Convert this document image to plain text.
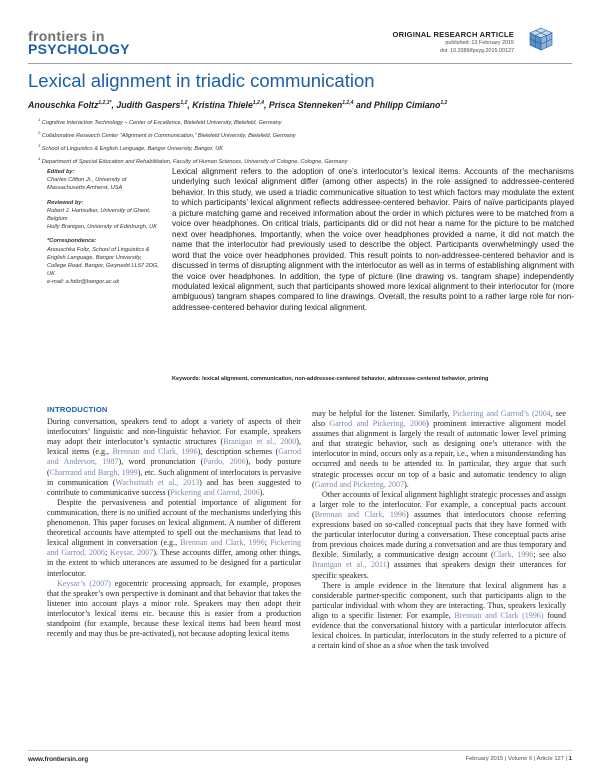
frontiers in
PSYCHOLOGY
ORIGINAL RESEARCH ARTICLE
published: 13 February 2015
doi: 10.3389/fpsyg.2015.00127
Lexical alignment in triadic communication
Anouschka Foltz$^{1,2,3*}$, Judith Gaspers$^{1,2}$, Kristina Thiele$^{1,2,4}$, Prisca Stenneken$^{1,2,4}$ and Philipp Cimiano$^{1,2}$
$^1$ Cognitive Interaction Technology – Center of Excellence, Bielefeld University, Bielefeld, Germany
$^2$ Collaborative Research Center “Alignment in Communication,” Bielefeld University, Bielefeld, Germany
$^3$ School of Linguistics & English Language, Bangor University, Bangor, UK
$^4$ Department of Special Education and Rehabilitation, Faculty of Human Sciences, University of Cologne, Cologne, Germany
Edited by:
Charles Clifton Jr., University of Massachusetts Amherst, USA
Reviewed by:
Robert J. Hartsuiker, University of Ghent, Belgium
Holly Branigan, University of Edinburgh, UK
*Correspondence:
Anouschka Foltz, School of Linguistics & English Language, Bangor University, College Road, Bangor, Gwynedd LL57 2DG, UK
e-mail: a.foltz@bangor.ac.uk
Lexical alignment refers to the adoption of one’s interlocutor’s lexical items. Accounts of the mechanisms underlying such lexical alignment differ (among other aspects) in the role assigned to addressee-centered behavior. In this study, we used a triadic communicative situation to test which factors may modulate the extent to which participants’ lexical alignment reflects addressee-centered behavior. Pairs of naïve participants played a picture matching game and received information about the order in which pictures were to be matched from a voice over headphones. On critical trials, participants did or did not hear a name for the picture to be matched next over headphones. Importantly, when the voice over headphones provided a name, it did not match the name that the interlocutor had previously used to describe the object. Participants overwhelmingly used the word that the voice over headphones provided. This result points to non-addressee-centered behavior and is discussed in terms of disrupting alignment with the interlocutor as well as in terms of establishing alignment with the voice over headphones. In addition, the type of picture (line drawing vs. tangram shape) independently modulated lexical alignment, such that participants showed more lexical alignment to their interlocutor for (more ambiguous) tangram shapes compared to line drawings. Overall, the results point to a rather large role for non-addressee-centered behavior during lexical alignment.
Keywords: lexical alignment, communication, non-addressee-centered behavior, addressee-centered behavior, priming
INTRODUCTION

During conversation, speakers tend to adopt a variety of aspects of their interlocutors’ linguistic and non-linguistic behavior. For example, speakers may adopt their interlocutor’s syntactic structures (Branigan et al., 2000), lexical items (e.g., Brennan and Clark, 1996), description schemes (Garrod and Anderson, 1987), word pronunciation (Pardo, 2006), body posture (Chartrand and Bargh, 1999), etc. Such alignment of interlocutors is pervasive in communication (Wachsmuth et al., 2013) and has been suggested to contribute to communicative success (Pickering and Garrod, 2006).

Despite the pervasiveness and potential importance of alignment for communication, there is no unified account of the mechanisms underlying this phenomenon. This paper focuses on lexical alignment. A number of different theoretical accounts have attempted to spell out the mechanisms that lead to lexical alignment in conversation (e.g., Brennan and Clark, 1996; Pickering and Garrod, 2006; Keysar, 2007). These accounts differ, among other things, in the extent to which utterances are assumed to be designed for a particular interlocutor.

Keysar’s (2007) egocentric processing approach, for example, proposes that the speaker’s own perspective is dominant and that behavior that takes the listener into account plays a minor role. Speakers may then adopt their interlocutor’s lexical items etc. because this is easier from a production standpoint (for example, because these lexical items had been heard most recently and may thus be pre-activated), not because adopting lexical items

may be helpful for the listener. Similarly, Pickering and Garrod’s (2004, see also Garrod and Pickering, 2006) prominent interactive alignment model assumes that alignment is largely the result of automatic lower level priming and that strategic behavior, such as designing one’s utterance with the interlocutor in mind, occurs only as a repair, i.e., when a misunderstanding has occurred and needs to be attended to. In particular, they argue that such strategic processes occur on top of a basic and automatic tendency to align (Garrod and Pickering, 2007).

Other accounts of lexical alignment highlight strategic processes and assign a larger role to the interlocutor. For example, a conceptual pacts account (Brennan and Clark, 1996) assumes that interlocutors choose referring expressions based on so-called conceptual pacts that they have formed with the particular interlocutor during a conversation. These conceptual pacts arise from previous choices made during a conversation and are thus temporary and flexible. Similarly, a communicative design account (Clark, 1996; see also Branigan et al., 2011) assumes that speakers design their utterances for specific speakers.

There is ample evidence in the literature that lexical alignment has a considerable partner-specific component, such that participants align to the particular individual with whom they are interacting. Thus, speakers lexically align to a specific listener. For example, Brennan and Clark (1996) found evidence that the conversational history with a particular interlocutor affects lexical choices. In particular, interlocutors in the study referred to a picture of a certain kind of shoe as a shoe when the task involved

www.frontiersin.org	February 2015 | Volume 6 | Article 127 | 1
